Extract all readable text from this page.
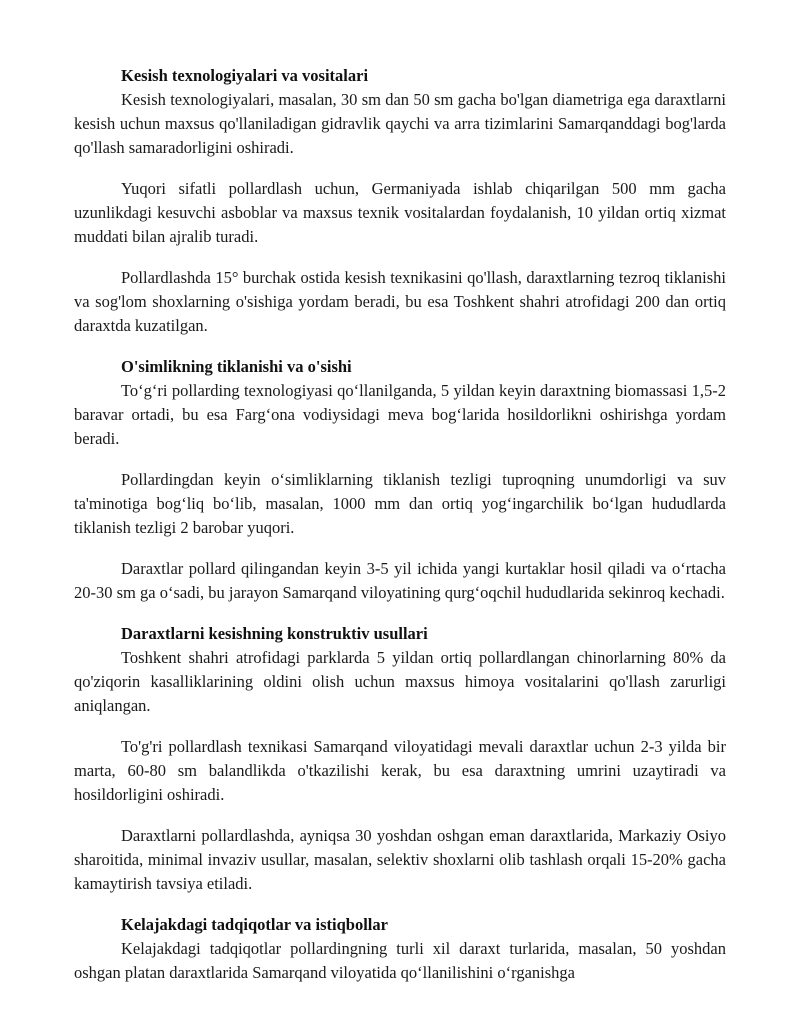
Kesish texnologiyalari va vositalari

Kesish texnologiyalari, masalan, 30 sm dan 50 sm gacha bo'lgan diametriga ega daraxtlarni kesish uchun maxsus qo'llaniladigan gidravlik qaychi va arra tizimlarini Samarqanddagi bog'larda qo'llash samaradorligini oshiradi.

Yuqori sifatli pollardlash uchun, Germaniyada ishlab chiqarilgan 500 mm gacha uzunlikdagi kesuvchi asboblar va maxsus texnik vositalardan foydalanish, 10 yildan ortiq xizmat muddati bilan ajralib turadi.

Pollardlashda 15° burchak ostida kesish texnikasini qo'llash, daraxtlarning tezroq tiklanishi va sog'lom shoxlarning o'sishiga yordam beradi, bu esa Toshkent shahri atrofidagi 200 dan ortiq daraxtda kuzatilgan.

O'simlikning tiklanishi va o'sishi

To‘g‘ri pollarding texnologiyasi qo‘llanilganda, 5 yildan keyin daraxtning biomassasi 1,5-2 baravar ortadi, bu esa Farg‘ona vodiysidagi meva bog‘larida hosildorlikni oshirishga yordam beradi.

Pollardingdan keyin o‘simliklarning tiklanish tezligi tuproqning unumdorligi va suv ta'minotiga bog‘liq bo‘lib, masalan, 1000 mm dan ortiq yog‘ingarchilik bo‘lgan hududlarda tiklanish tezligi 2 barobar yuqori.

Daraxtlar pollard qilingandan keyin 3-5 yil ichida yangi kurtaklar hosil qiladi va o‘rtacha 20-30 sm ga o‘sadi, bu jarayon Samarqand viloyatining qurg‘oqchil hududlarida sekinroq kechadi.

Daraxtlarni kesishning konstruktiv usullari

Toshkent shahri atrofidagi parklarda 5 yildan ortiq pollardlangan chinorlarning 80% da qo'ziqorin kasalliklarining oldini olish uchun maxsus himoya vositalarini qo'llash zarurligi aniqlangan.

To'g'ri pollardlash texnikasi Samarqand viloyatidagi mevali daraxtlar uchun 2-3 yilda bir marta, 60-80 sm balandlikda o'tkazilishi kerak, bu esa daraxtning umrini uzaytiradi va hosildorligini oshiradi.

Daraxtlarni pollardlashda, ayniqsa 30 yoshdan oshgan eman daraxtlarida, Markaziy Osiyo sharoitida, minimal invaziv usullar, masalan, selektiv shoxlarni olib tashlash orqali 15-20% gacha kamaytirish tavsiya etiladi.

Kelajakdagi tadqiqotlar va istiqbollar

Kelajakdagi tadqiqotlar pollardingning turli xil daraxt turlarida, masalan, 50 yoshdan oshgan platan daraxtlarida Samarqand viloyatida qo‘llanilishini o‘rganishga
